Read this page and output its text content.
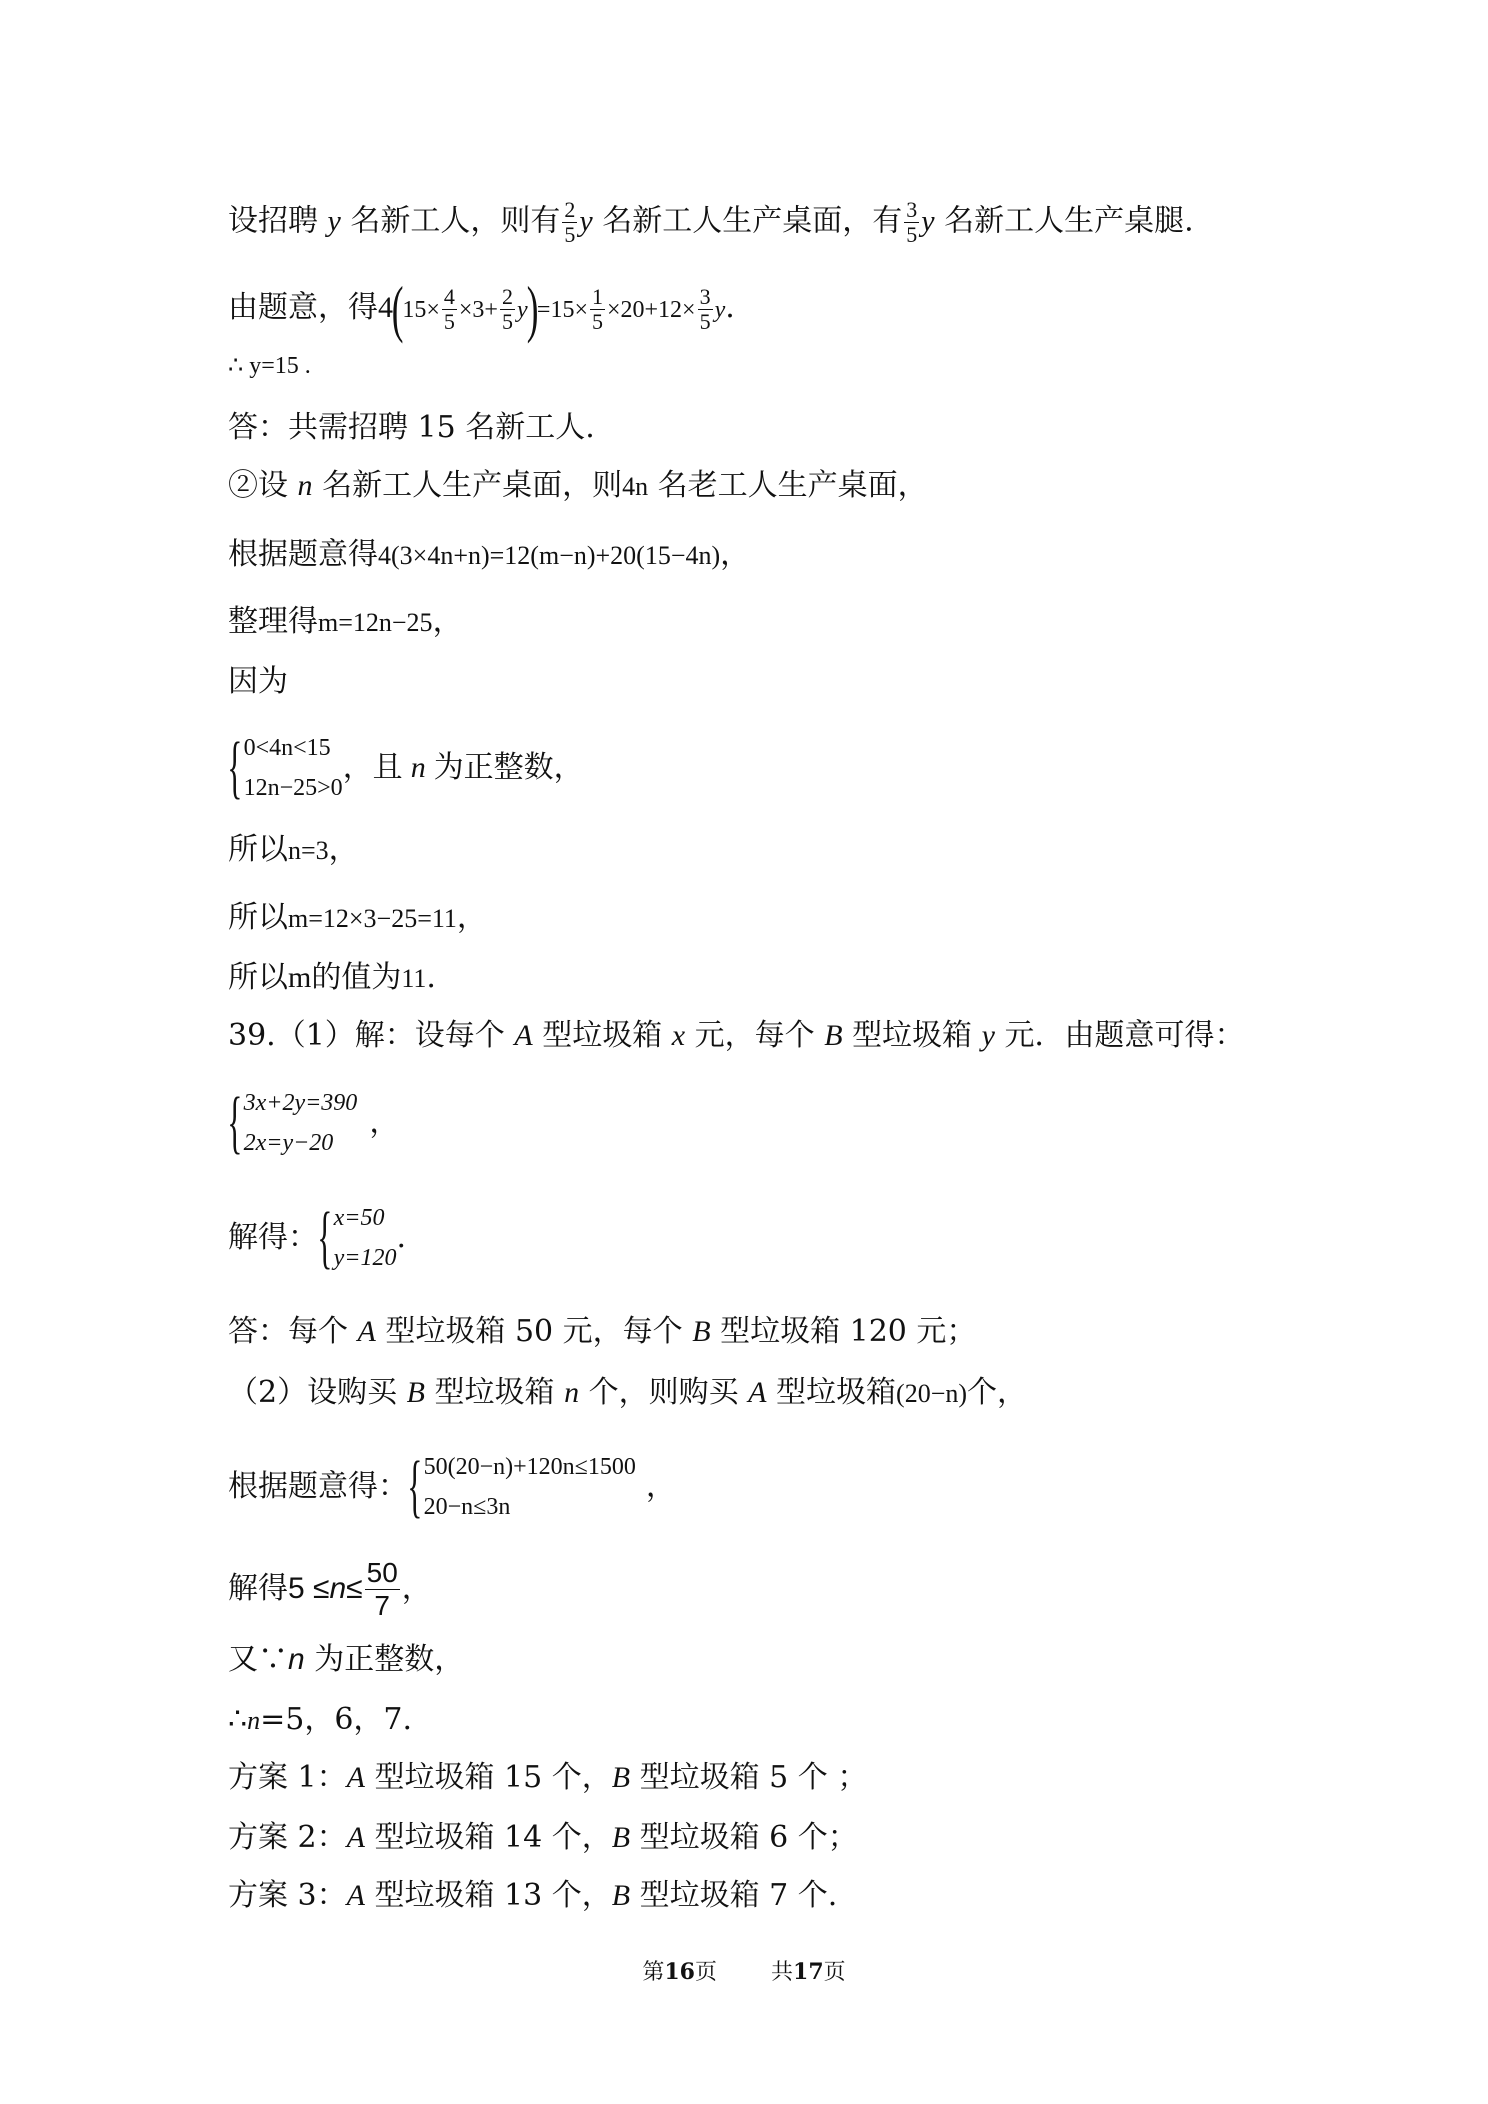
设招聘 y 名新工人，则有 $\frac{2}{5}$ y 名新工人生产桌面，有 $\frac{3}{5}$ y 名新工人生产桌腿.
由题意，得$4(15\times \frac{4}{5} \times 3+ \frac{2}{5} y)=15\times \frac{1}{5} \times 20+12\times \frac{3}{5} y$.
∴ y=15 .
答：共需招聘 15 名新工人.
②设 n 名新工人生产桌面，则4n 名老工人生产桌面，
根据题意得4(3×4n+n)=12(m−n)+20(15−4n)，
整理得m=12n−25，
因为
{ 0<4n<15
12n−25>0
，且 n 为正整数，
所以n=3，
所以m=12×3−25=11，
所以m的值为11.
39.（1）解：设每个 A 型垃圾箱 x 元，每个 B 型垃圾箱 y 元．由题意可得：
{ 3x+2y=390
2x=y−20
，
解得： { x=50
y=120
.
答：每个 A 型垃圾箱 50 元，每个 B 型垃圾箱 120 元；
（2）设购买 B 型垃圾箱 n 个，则购买 A 型垃圾箱(20−n)个，
根据题意得： { 50(20−n)+120n≤1500
20−n≤3n
，
解得 $5 \le n \le \frac{50}{7}$ ，
又∵n 为正整数，
∴n=5，6，7.
方案 1：A 型垃圾箱 15 个，B 型垃圾箱 5 个 ；
方案 2：A 型垃圾箱 14 个，B 型垃圾箱 6 个；
方案 3：A 型垃圾箱 13 个，B 型垃圾箱 7 个.
第16页 共17页
